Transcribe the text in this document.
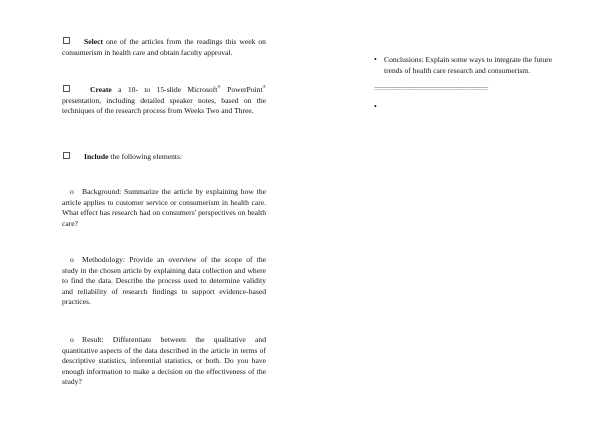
Select one of the articles from the readings this week on consumerism in health care and obtain faculty approval.

Create a 10- to 15-slide Microsoft® PowerPoint® presentation, including detailed speaker notes, based on the techniques of the research process from Weeks Two and Three.

Include the following elements:

o Background: Summarize the article by explaining how the article applies to customer service or consumerism in health care. What effect has research had on consumers' perspectives on health care?

o Methodology: Provide an overview of the scope of the study in the chosen article by explaining data collection and where to find the data. Describe the process used to determine validity and reliability of research findings to support evidence-based practices.

o Result: Differentiate between the qualitative and quantitative aspects of the data described in the article in terms of descriptive statistics, inferential statistics, or both. Do you have enough information to make a decision on the effectiveness of the study?

• Conclusions: Explain some ways to integrate the future trends of health care research and consumerism.
==================================
•
